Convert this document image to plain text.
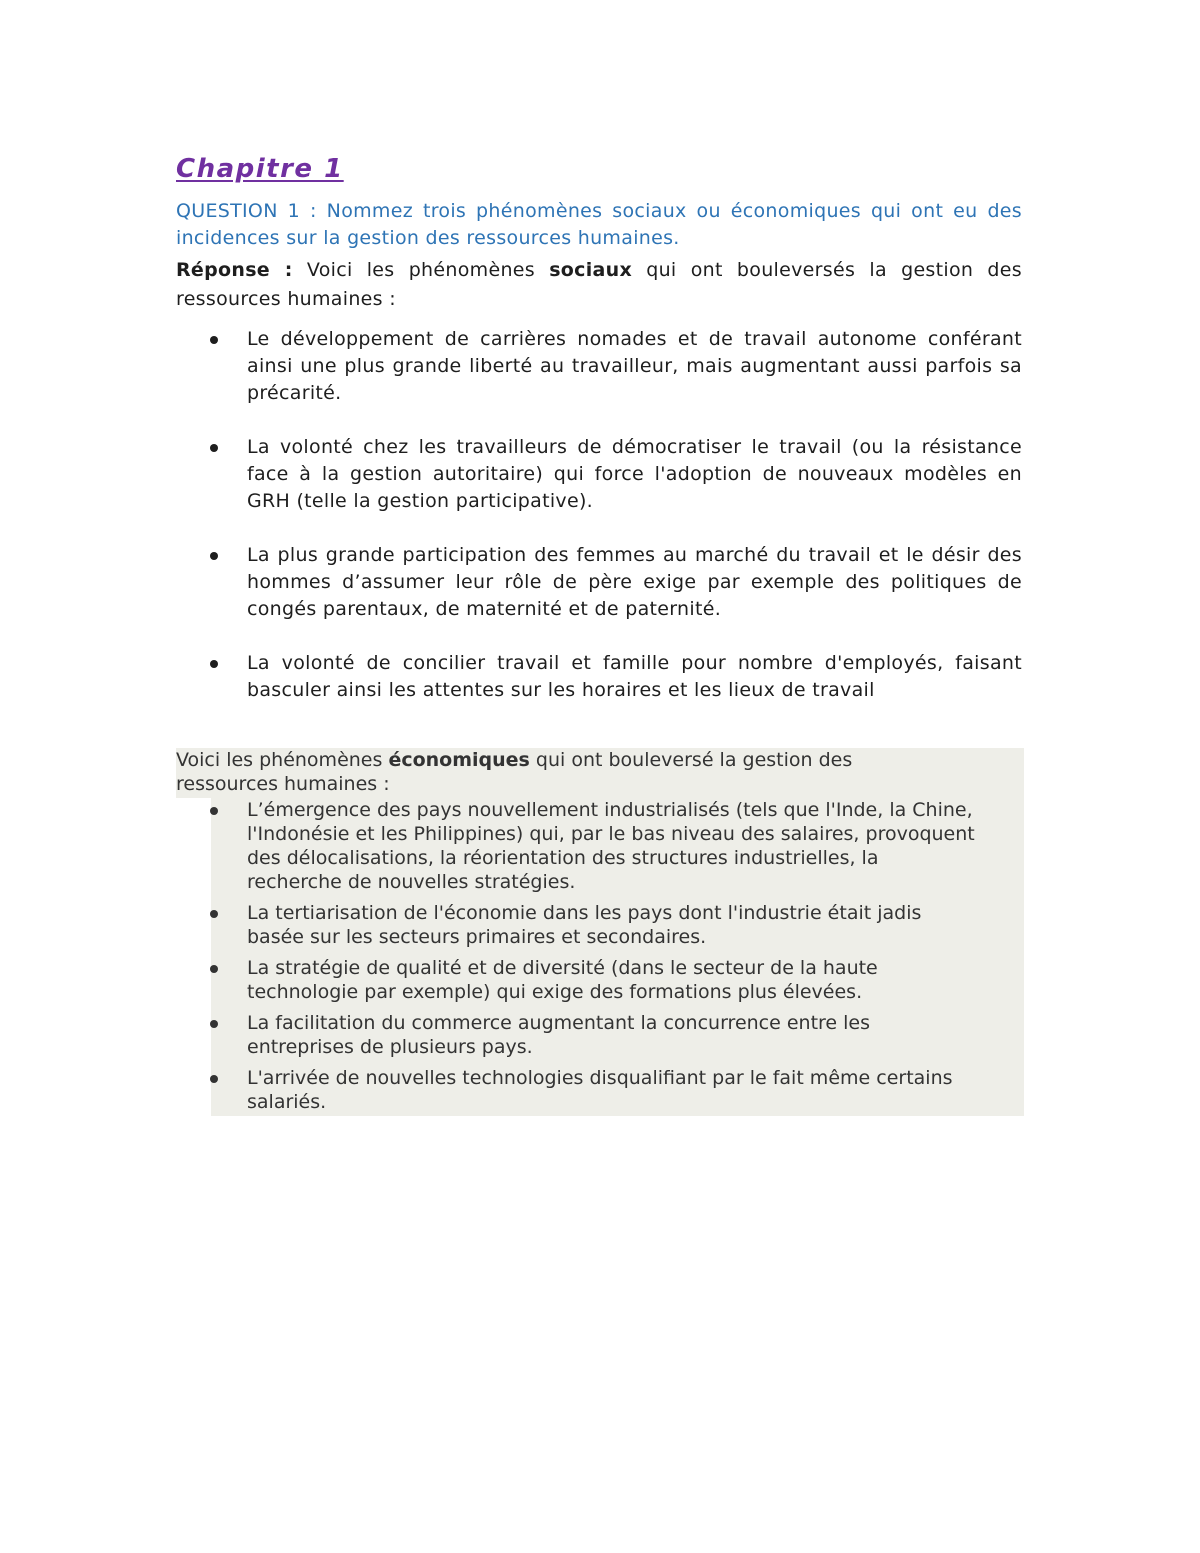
Chapitre 1

QUESTION 1 : Nommez trois phénomènes sociaux ou économiques qui ont eu des incidences sur la gestion des ressources humaines.

Réponse : Voici les phénomènes sociaux qui ont bouleversés la gestion des ressources humaines :

Le développement de carrières nomades et de travail autonome conférant ainsi une plus grande liberté au travailleur, mais augmentant aussi parfois sa précarité.
La volonté chez les travailleurs de démocratiser le travail (ou la résistance face à la gestion autoritaire) qui force l'adoption de nouveaux modèles en GRH (telle la gestion participative).
La plus grande participation des femmes au marché du travail et le désir des hommes d’assumer leur rôle de père exige par exemple des politiques de congés parentaux, de maternité et de paternité.
La volonté de concilier travail et famille pour nombre d'employés, faisant basculer ainsi les attentes sur les horaires et les lieux de travail

Voici les phénomènes économiques qui ont bouleversé la gestion des ressources humaines :

L’émergence des pays nouvellement industrialisés (tels que l'Inde, la Chine, l'Indonésie et les Philippines) qui, par le bas niveau des salaires, provoquent des délocalisations, la réorientation des structures industrielles, la recherche de nouvelles stratégies.
La tertiarisation de l'économie dans les pays dont l'industrie était jadis basée sur les secteurs primaires et secondaires.
La stratégie de qualité et de diversité (dans le secteur de la haute technologie par exemple) qui exige des formations plus élevées.
La facilitation du commerce augmentant la concurrence entre les entreprises de plusieurs pays.
L'arrivée de nouvelles technologies disqualifiant par le fait même certains salariés.
